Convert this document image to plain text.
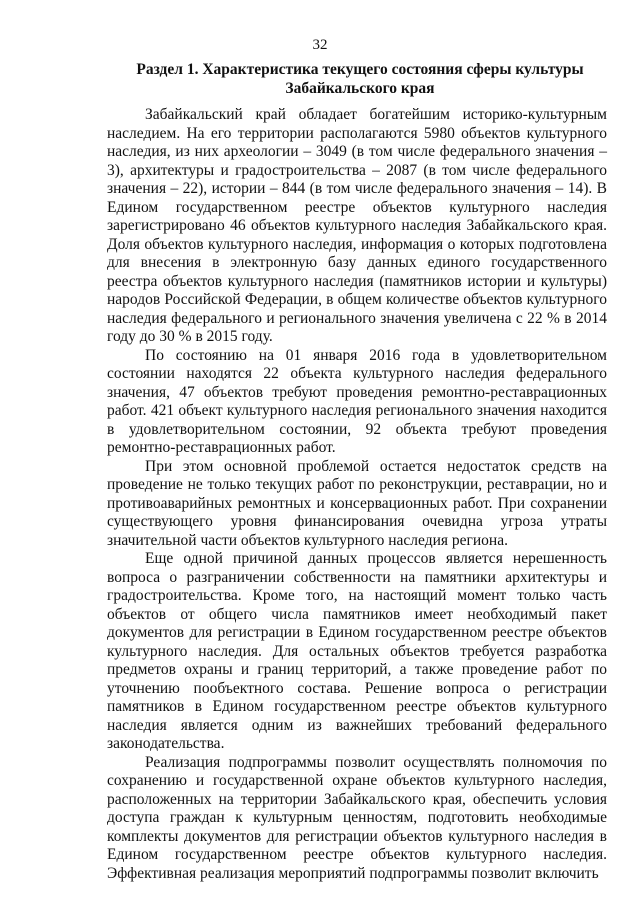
32
Раздел 1. Характеристика текущего состояния сферы культуры
Забайкальского края

Забайкальский край обладает богатейшим историко-культурным наследием. На его территории располагаются 5980 объектов культурного наследия, из них археологии – 3049 (в том числе федерального значения – 3), архитектуры и градостроительства – 2087 (в том числе федерального значения – 22), истории – 844 (в том числе федерального значения – 14). В Едином государственном реестре объектов культурного наследия зарегистрировано 46 объектов культурного наследия Забайкальского края. Доля объектов культурного наследия, информация о которых подготовлена для внесения в электронную базу данных единого государственного реестра объектов культурного наследия (памятников истории и культуры) народов Российской Федерации, в общем количестве объектов культурного наследия федерального и регионального значения увеличена с 22 % в 2014 году до 30 % в 2015 году.

По состоянию на 01 января 2016 года в удовлетворительном состоянии находятся 22 объекта культурного наследия федерального значения, 47 объектов требуют проведения ремонтно-реставрационных работ. 421 объект культурного наследия регионального значения находится в удовлетворительном состоянии, 92 объекта требуют проведения ремонтно-реставрационных работ.

При этом основной проблемой остается недостаток средств на проведение не только текущих работ по реконструкции, реставрации, но и противоаварийных ремонтных и консервационных работ. При сохранении существующего уровня финансирования очевидна угроза утраты значительной части объектов культурного наследия региона.

Еще одной причиной данных процессов является нерешенность вопроса о разграничении собственности на памятники архитектуры и градостроительства. Кроме того, на настоящий момент только часть объектов от общего числа памятников имеет необходимый пакет документов для регистрации в Едином государственном реестре объектов культурного наследия. Для остальных объектов требуется разработка предметов охраны и границ территорий, а также проведение работ по уточнению пообъектного состава. Решение вопроса о регистрации памятников в Едином государственном реестре объектов культурного наследия является одним из важнейших требований федерального законодательства.

Реализация подпрограммы позволит осуществлять полномочия по сохранению и государственной охране объектов культурного наследия, расположенных на территории Забайкальского края, обеспечить условия доступа граждан к культурным ценностям, подготовить необходимые комплекты документов для регистрации объектов культурного наследия в Едином государственном реестре объектов культурного наследия. Эффективная реализация мероприятий подпрограммы позволит включить
